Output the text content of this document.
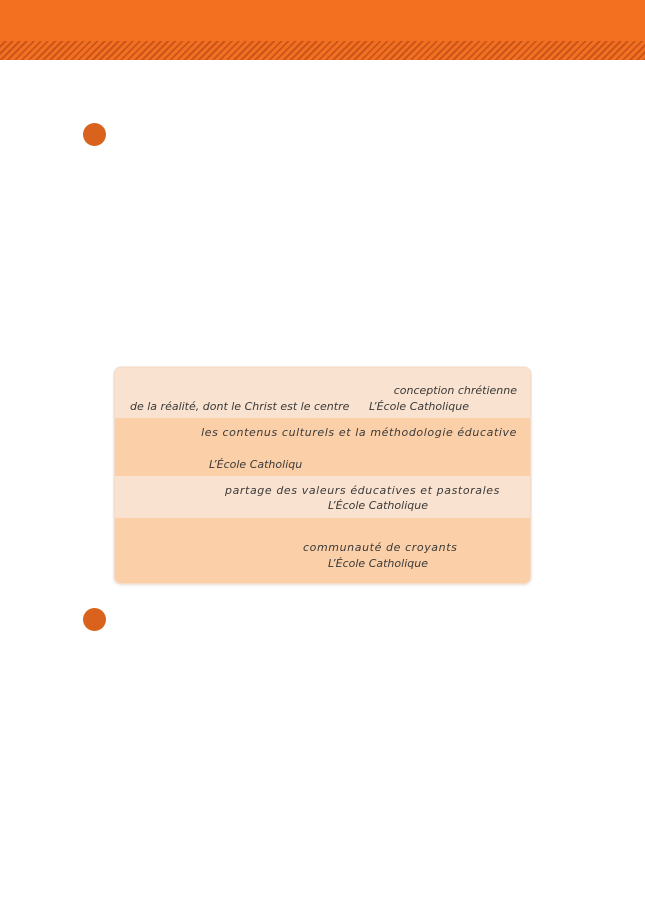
conception chrétienne
de la réalité, dont le Christ est le centre L’École Catholique
les contenus culturels et la méthodologie éducative
L’École Catholiqu
partage des valeurs éducatives et pastorales
L’École Catholique
communauté de croyants
L’École Catholique
